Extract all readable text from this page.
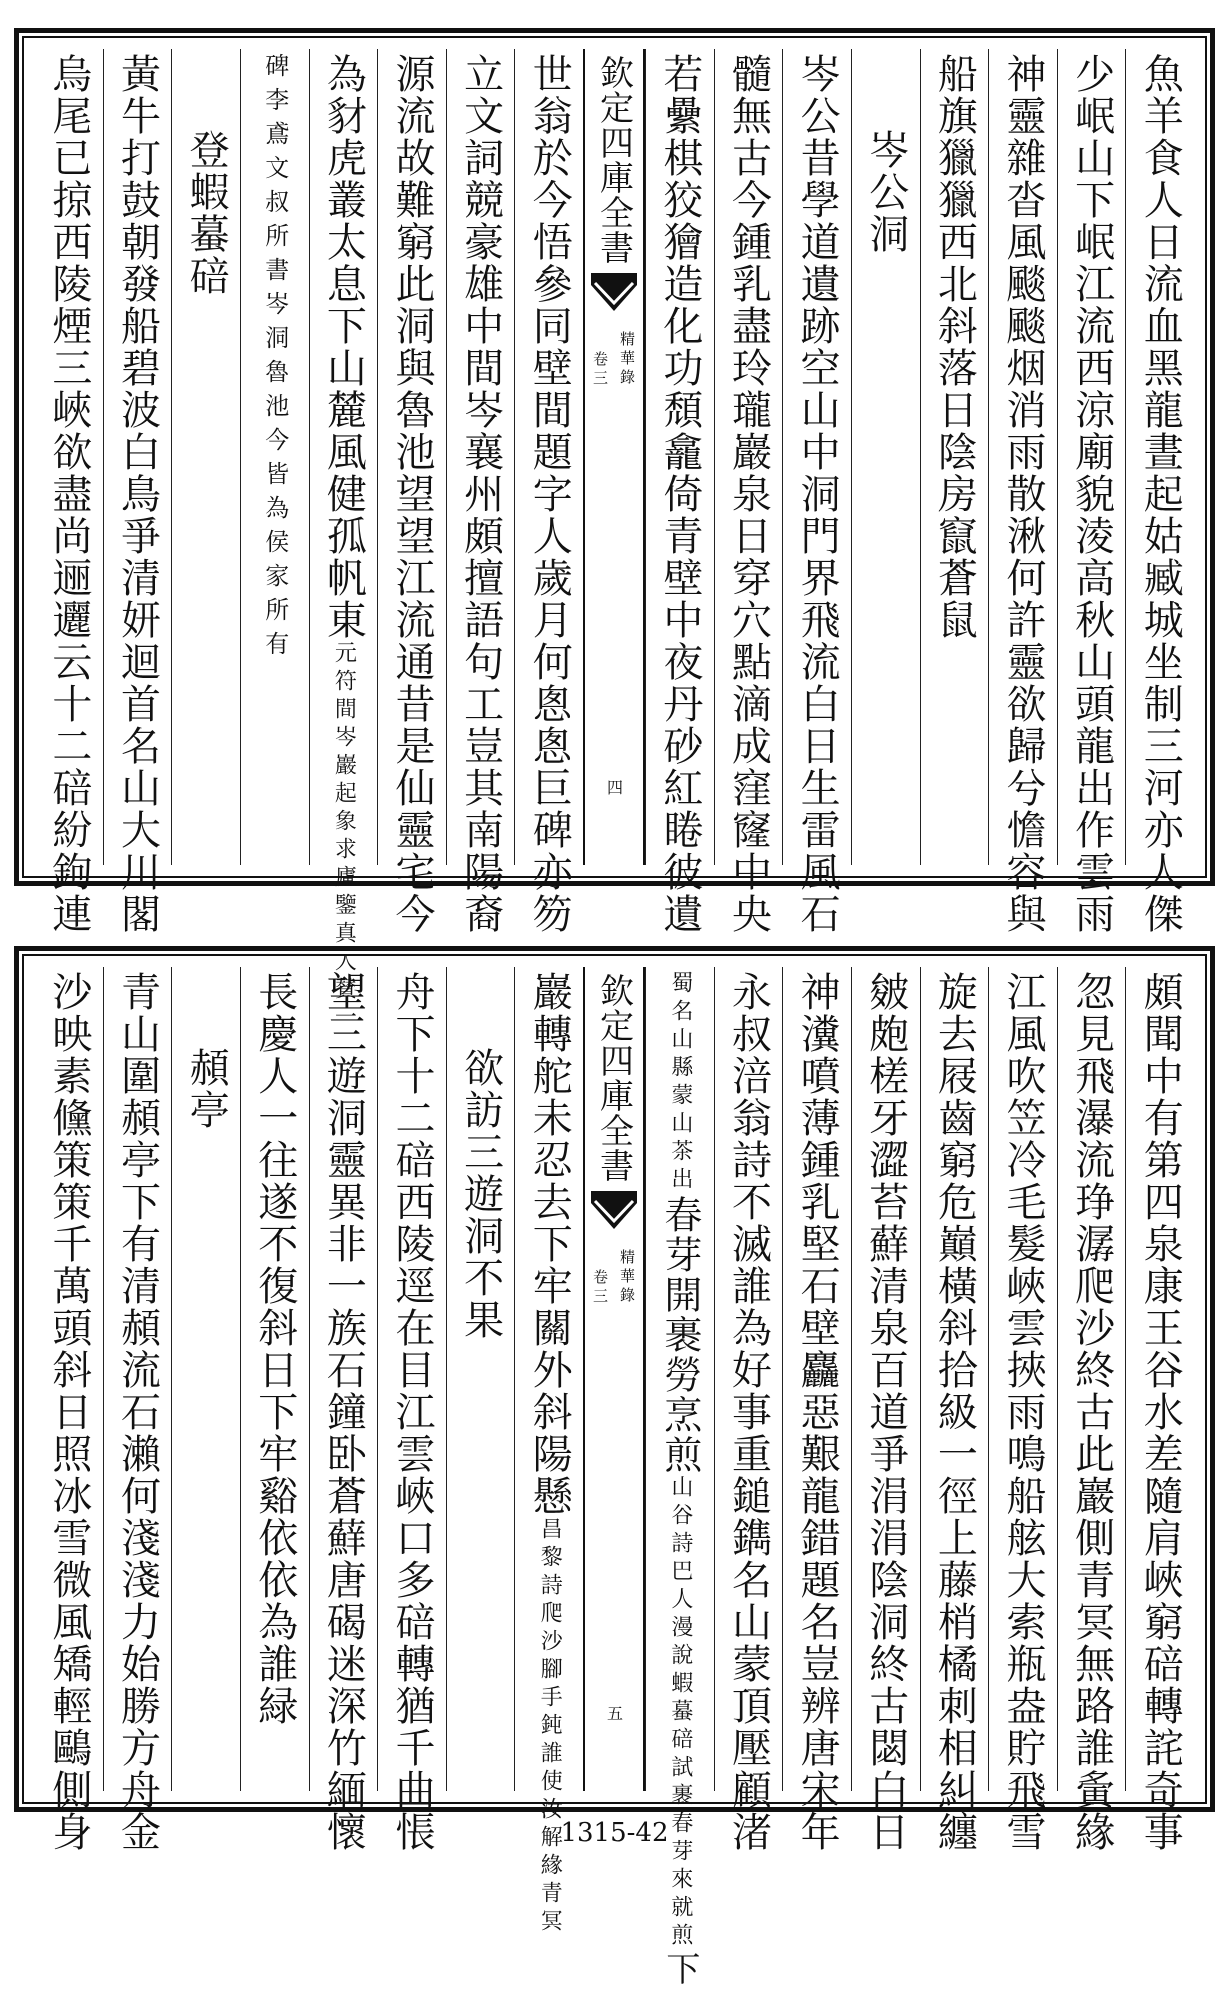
魚羊食人日流血黑龍晝起姑臧城坐制三河亦人傑
少岷山下岷江流西涼廟貌淩高秋山頭龍出作雲雨
神靈雜沓風颷颷烟消雨散湫何許靈欲歸兮憺容與
船旗獵獵西北斜落日陰房竄蒼鼠
岑公洞
岑公昔學道遺跡空山中洞門界飛流白日生雷風石
髓無古今鍾乳盡玲瓏巖泉日穿穴點滴成窪窿中央
若纍棋狡獪造化功頹龕倚青壁中夜丹砂紅睠彼遺
欽定四庫全書
精華錄
卷三
四
世翁於今悟參同壁間題字人歲月何悤悤巨碑亦笏
立文詞競豪雄中間岑襄州頗擅語句工豈其南陽裔
源流故難窮此洞與魯池望望江流通昔是仙靈宅今
為豺虎叢太息下山麓風健孤帆東元符間岑巖起象求廬鑒真人賛一
碑李鳶文叔所書岑洞魯池今皆為侯家所有
登蝦蟇碚
黃牛打鼓朝發船碧波白鳥爭清妍迴首名山大川閣
烏尾已掠西陵煙三峽欲盡尚逦邐云十二碚紛鉤連
頗聞中有第四泉康王谷水差隨肩峽窮碚轉詫奇事
忽見飛瀑流琤潺爬沙終古此巖側青冥無路誰夤緣
江風吹笠冷毛髮峽雲挾雨鳴船舷大索瓶盎貯飛雪
旋去屐齒窮危巔橫斜拾級一徑上藤梢橘刺相糾纏
皴皰槎牙澀苔蘚清泉百道爭涓涓陰洞終古閟白日
神瀵噴薄鍾乳堅石壁麤惡艱龍錯題名豈辨唐宋年
永叔涪翁詩不滅誰為好事重鎚鐫名山蒙頂壓顧渚
蜀名山縣蒙山茶出春芽開裹勞烹煎山谷詩巴人漫說蝦蟇碚試裹春芽來就煎下
欽定四庫全書
精華錄
卷三
五
巖轉舵未忍去下牢關外斜陽懸昌黎詩爬沙腳手鈍誰使汝解緣青冥
欲訪三遊洞不果
舟下十二碚西陵逕在目江雲峽口多碚轉猶千曲悵
望三遊洞靈異非一族石鐘卧蒼蘚唐碣迷深竹緬懷
長慶人一往遂不復斜日下牢谿依依為誰緑
頳亭
青山圍頳亭下有清頳流石瀨何淺淺力始勝方舟金
沙映素儵策策千萬頭斜日照冰雪微風矯輕鷗側身	1315-42
